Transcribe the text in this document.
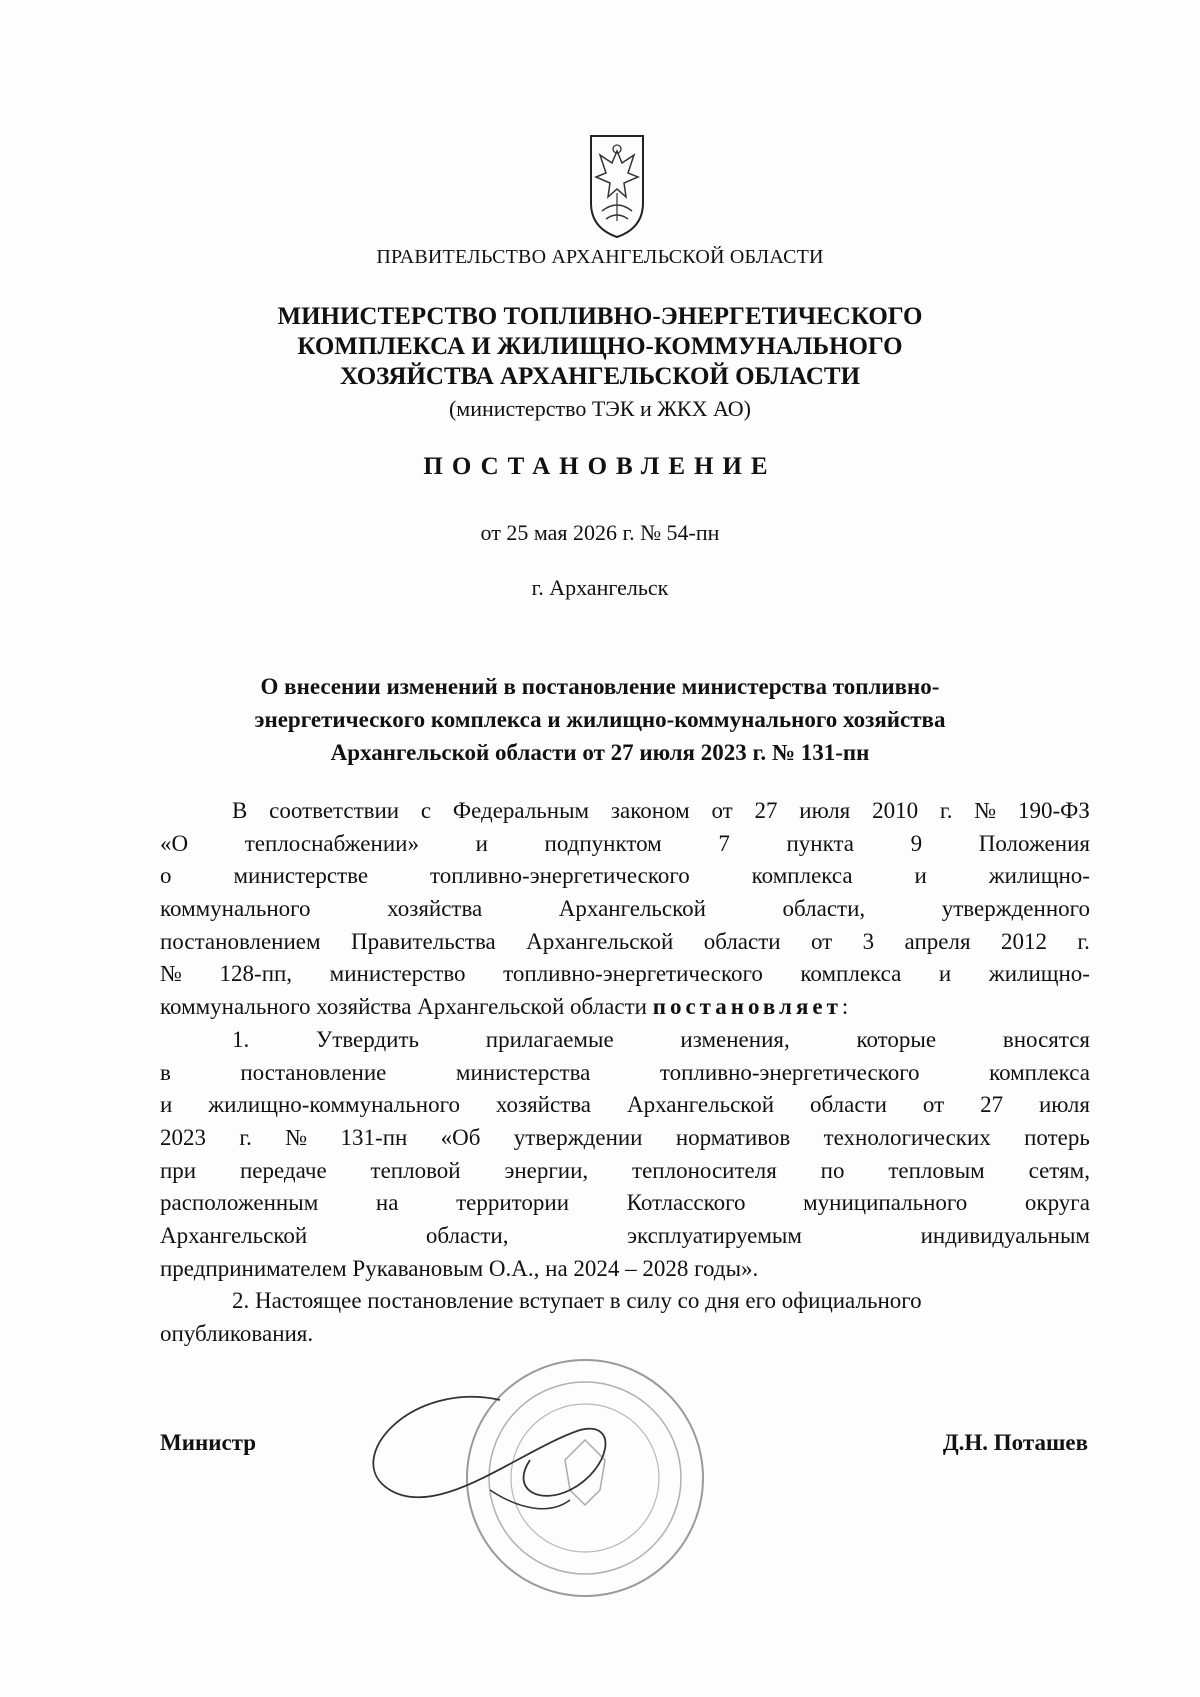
ПРАВИТЕЛЬСТВО АРХАНГЕЛЬСКОЙ ОБЛАСТИ
МИНИСТЕРСТВО ТОПЛИВНО-ЭНЕРГЕТИЧЕСКОГО
КОМПЛЕКСА И ЖИЛИЩНО-КОММУНАЛЬНОГО
ХОЗЯЙСТВА АРХАНГЕЛЬСКОЙ ОБЛАСТИ
(министерство ТЭК и ЖКХ АО)
ПОСТАНОВЛЕНИЕ
от 25 мая 2026 г. № 54-пн
г. Архангельск
О внесении изменений в постановление министерства топливно-
энергетического комплекса и жилищно-коммунального хозяйства
Архангельской области от 27 июля 2023 г. № 131-пн
В соответствии с Федеральным законом от 27 июля 2010 г. № 190-ФЗ
«О теплоснабжении» и подпунктом 7 пункта 9 Положения
о	министерстве	топливно-энергетического	комплекса	и	жилищно-
коммунального	хозяйства	Архангельской	области,	утвержденного
постановлением Правительства Архангельской области от 3 апреля 2012 г.
№ 128-пп, министерство топливно-энергетического комплекса и жилищно-
коммунального хозяйства Архангельской области постановляет :
1.	Утвердить	прилагаемые	изменения,	которые	вносятся
в	постановление	министерства	топливно-энергетического	комплекса
и жилищно-коммунального хозяйства Архангельской области от 27 июля
2023 г. № 131-пн «Об утверждении нормативов технологических потерь
при передаче тепловой энергии, теплоносителя по тепловым сетям,
расположенным	на	территории	Котласского	муниципального	округа
Архангельской	области,	эксплуатируемым	индивидуальным
предпринимателем Рукавановым О.А., на 2024 – 2028 годы».
2. Настоящее постановление вступает в силу со дня его официального
опубликования.
Министр	Д.Н. Поташев
